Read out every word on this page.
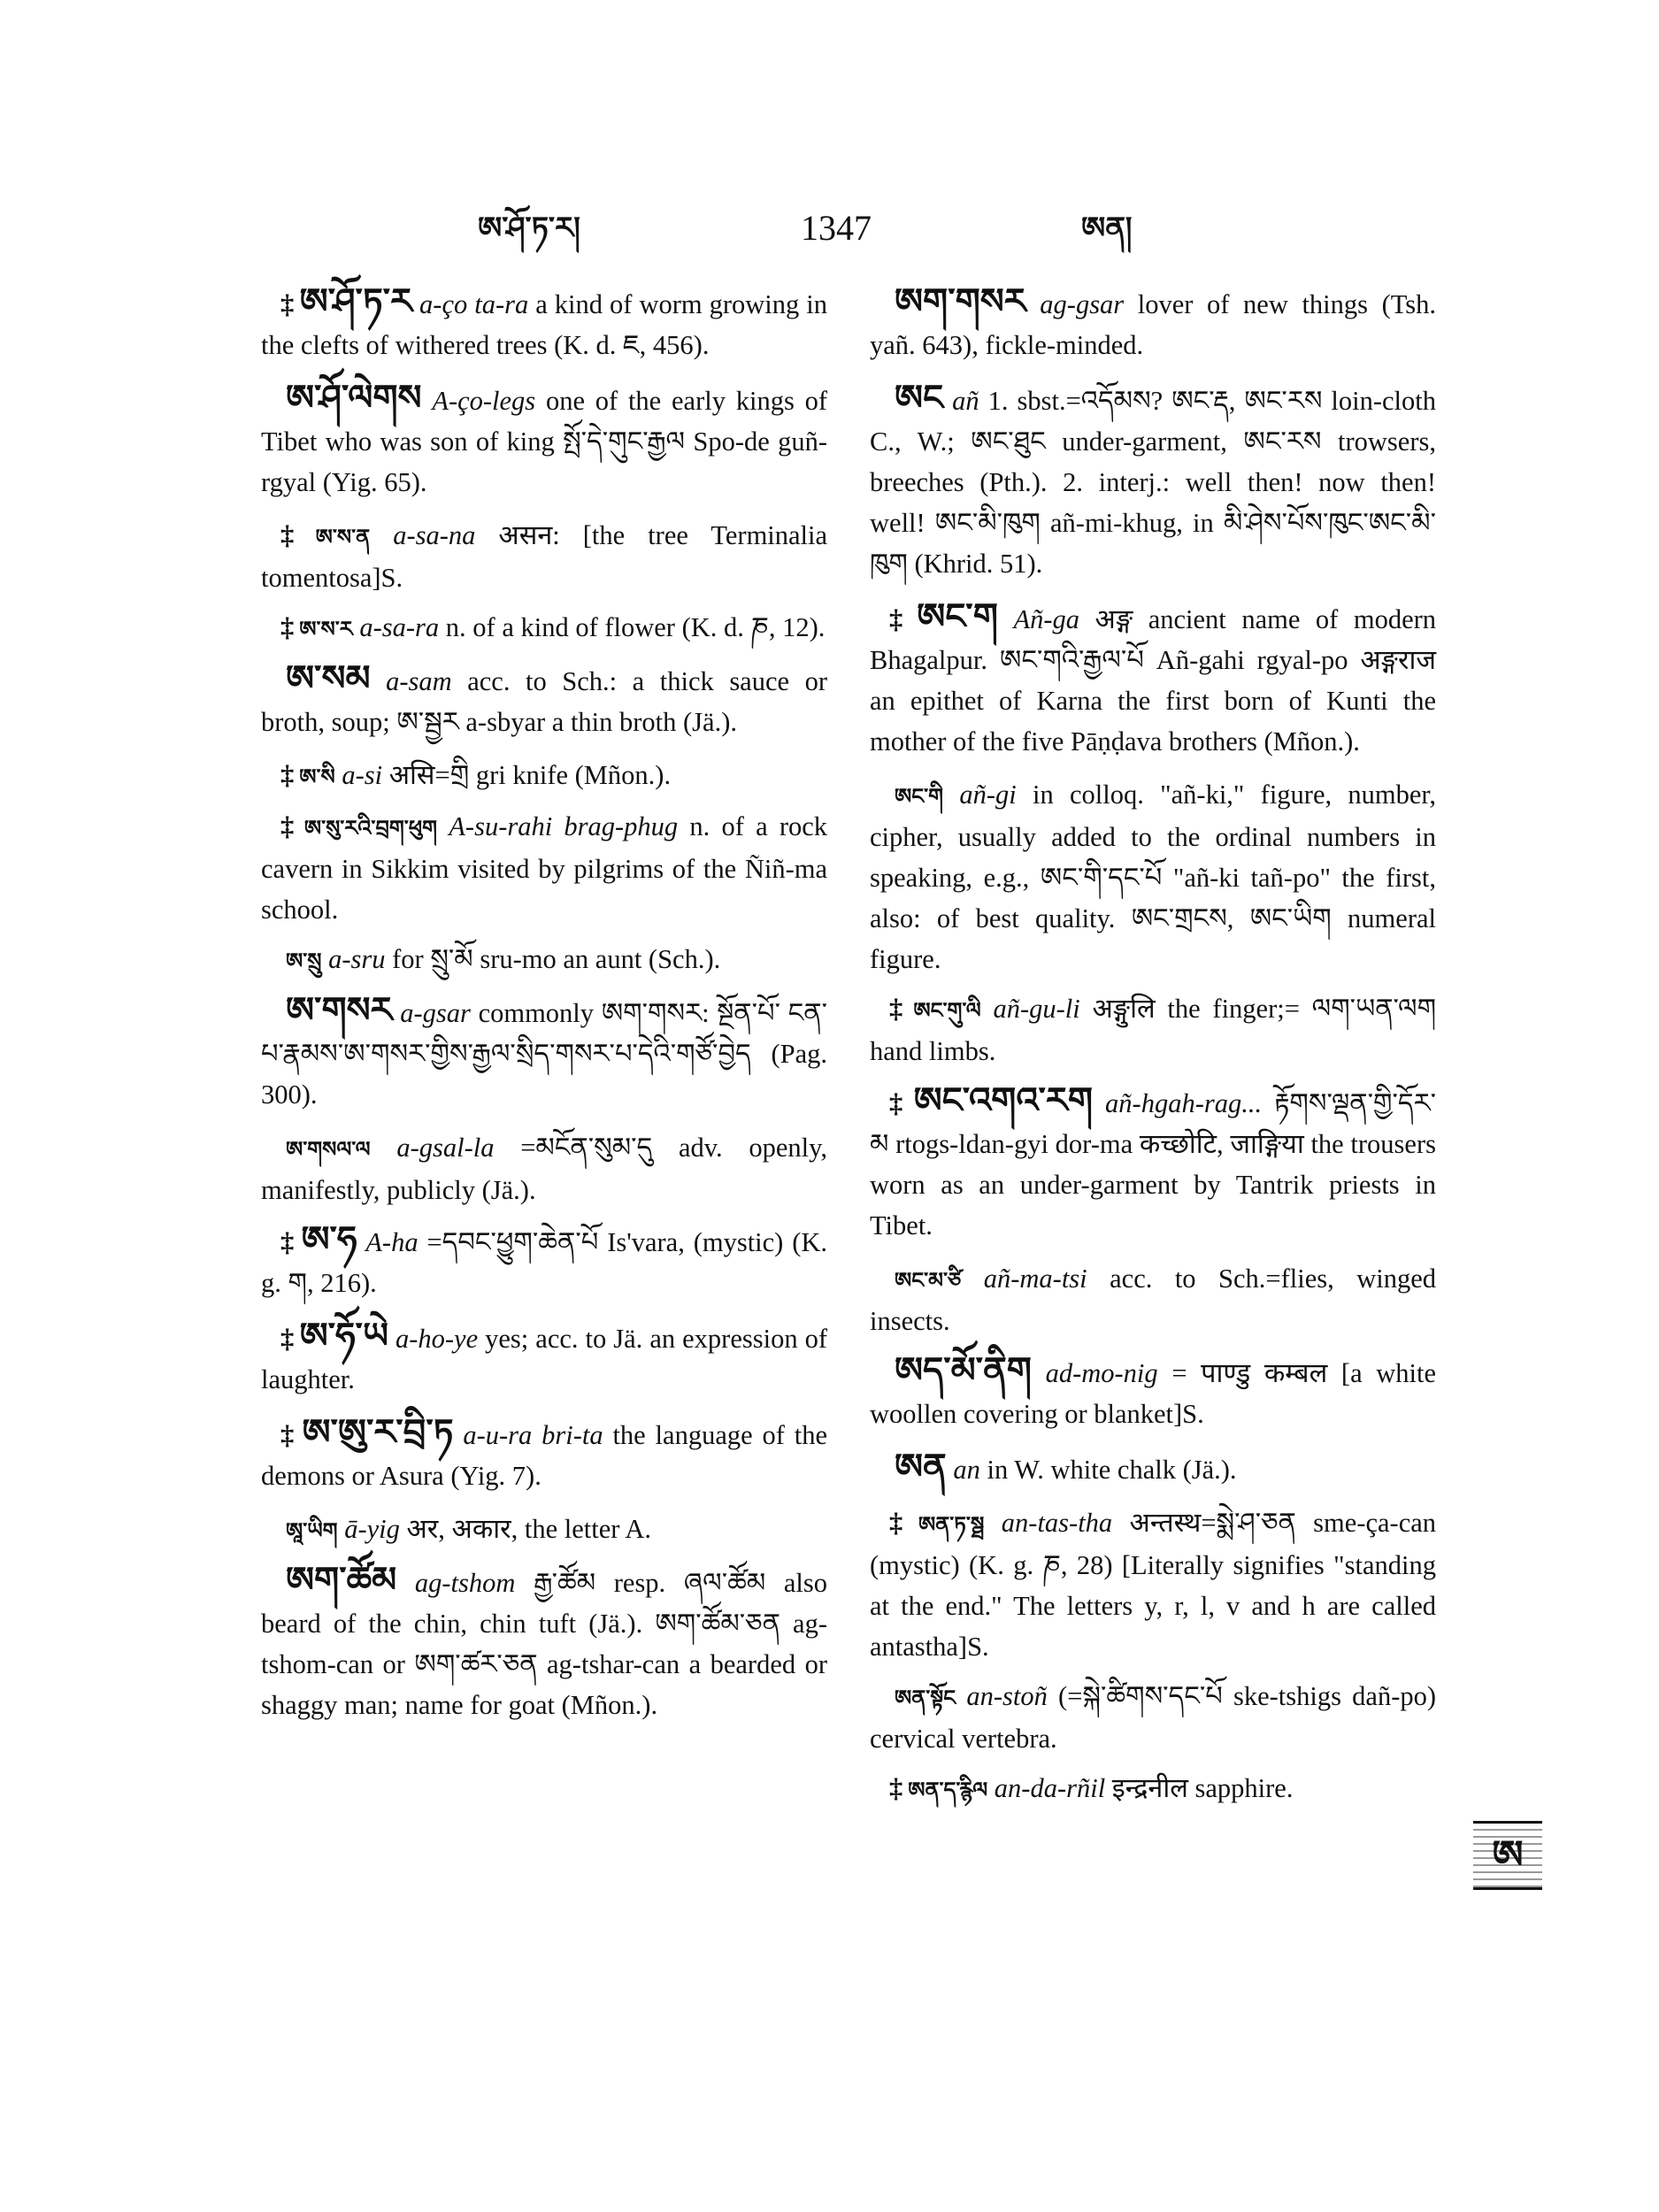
ཨ་ཤོ་ཏ་ར།	1347	ཨན།

‡ ཨ་ཤོ་ཏ་ར a-ço ta-ra a kind of worm growing in the clefts of withered trees (K. d. ཇ, 456).

ཨ་ཤོ་ལེགས A-ço-legs one of the early kings of Tibet who was son of king སྤོ་དེ་གུང་རྒྱལ Spo-de guñ-rgyal (Yig. 65).

‡ ཨ་ས་ན a-sa-na असन: [the tree Terminalia tomentosa]S.

‡ ཨ་ས་ར a-sa-ra n. of a kind of flower (K. d. ཎ, 12).

ཨ་སམ a-sam acc. to Sch.: a thick sauce or broth, soup; ཨ་སྦྱར a-sbyar a thin broth (Jä.).

‡ ཨ་སི a-si असि=གྲི gri knife (Mñon.).

‡ ཨ་སུ་རའི་བྲག་ཕུག A-su-rahi brag-phug n. of a rock cavern in Sikkim visited by pilgrims of the Ñiñ-ma school.

ཨ་སྲུ a-sru for སྲུ་མོ sru-mo an aunt (Sch.).

ཨ་གསར a-gsar commonly ཨག་གསར: སྔོན་པོ་ ངན་པ་རྣམས་ཨ་གསར་གྱིས་རྒྱལ་སྲིད་གསར་པ་དེའི་གཙོ་བྱེད (Pag. 300).

ཨ་གསལ་ལ a-gsal-la =མངོན་སུམ་དུ adv. openly, manifestly, publicly (Jä.).

‡ ཨ་ཧ A-ha =དབང་ཕྱུག་ཆེན་པོ Is'vara, (mystic) (K. g. ག, 216).

‡ ཨ་ཧོ་ཡེ a-ho-ye yes; acc. to Jä. an expression of laughter.

‡ ཨ་ཨུ་ར་བྲི་ཏ a-u-ra bri-ta the language of the demons or Asura (Yig. 7).

ཨཱ་ཡིག ā-yig अर, अकार, the letter A.

ཨག་ཚོམ ag-tshom རྒྱ་ཚོམ resp. ཞལ་ཚོམ also beard of the chin, chin tuft (Jä.). ཨག་ཚོམ་ཅན ag-tshom-can or ཨག་ཚར་ཅན ag-tshar-can a bearded or shaggy man; name for goat (Mñon.).

ཨག་གསར ag-gsar lover of new things (Tsh. yañ. 643), fickle-minded.

ཨང añ 1. sbst.=འདོམས? ཨང་རྡ, ཨང་རས loin-cloth C., W.; ཨང་ཐུང under-garment, ཨང་རས trowsers, breeches (Pth.). 2. interj.: well then! now then! well! ཨང་མི་ཁུག añ-mi-khug, in མི་ཤེས་པོས་ཁུང་ཨང་མི་ཁུག (Khrid. 51).

‡ ཨང་ག Añ-ga अङ्ग ancient name of modern Bhagalpur. ཨང་གའི་རྒྱལ་པོ Añ-gahi rgyal-po अङ्गराज an epithet of Karna the first born of Kunti the mother of the five Pāṇḍava brothers (Mñon.).

ཨང་གི añ-gi in colloq. "añ-ki," figure, number, cipher, usually added to the ordinal numbers in speaking, e.g., ཨང་གི་དང་པོ "añ-ki tañ-po" the first, also: of best quality. ཨང་གྲངས, ཨང་ཡིག numeral figure.

‡ ཨང་གུ་ལི añ-gu-li अङ्गुलि the finger;= ལག་ཡན་ལག hand limbs.

‡ ཨང་འགའ་རག añ-hgah-rag... རྟོགས་ལྡན་གྱི་དོར་མ rtogs-ldan-gyi dor-ma कच्छोटि, जाङ्गिया the trousers worn as an under-garment by Tantrik priests in Tibet.

ཨང་མ་ཙི añ-ma-tsi acc. to Sch.=flies, winged insects.

ཨད་མོ་ནིག ad-mo-nig = पाण्डु कम्बल [a white woollen covering or blanket]S.

ཨན an in W. white chalk (Jä.).

‡ ཨན་ཏ་སྠ an-tas-tha अन्तस्थ=སྨེ་ཤ་ཅན sme-ça-can (mystic) (K. g. ཎ, 28) [Literally signifies "standing at the end." The letters y, r, l, v and h are called antastha]S.

ཨན་སྟོང an-stoñ (=སྐེ་ཚིགས་དང་པོ ske-tshigs dañ-po) cervical vertebra.

‡ ཨན་ད་རྙིལ an-da-rñil इन्द्रनील sapphire.

ཨ
